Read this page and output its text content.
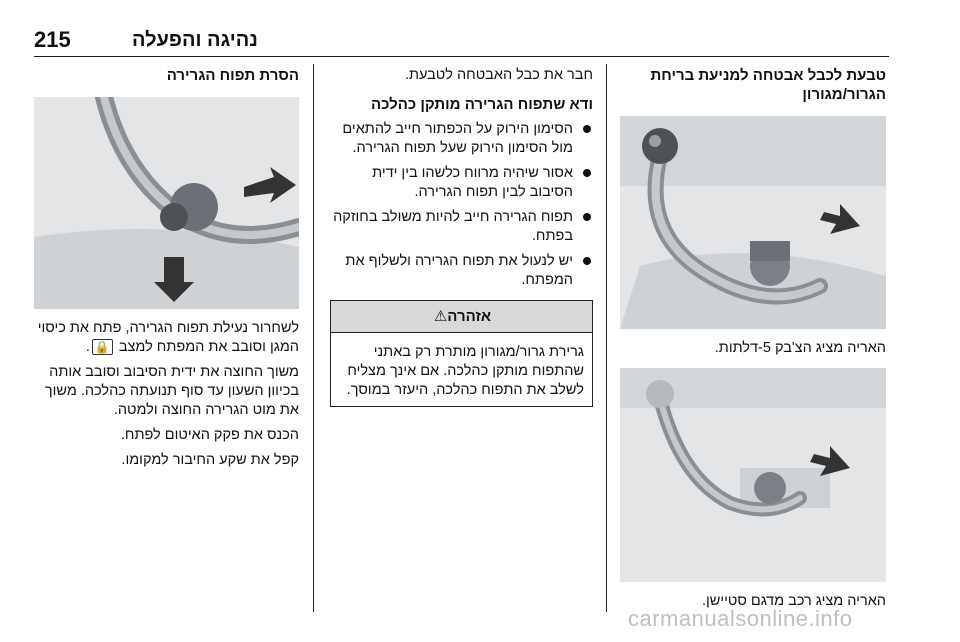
215	נהיגה והפעלה
טבעת לכבל אבטחה למניעת בריחת הגרור/מגורון
האריה מציג הצ'בק 5-דלתות.
האריה מציג רכב מדגם סטיישן.
חבר את כבל האבטחה לטבעת.
ודא שתפוח הגרירה מותקן כהלכה
הסימון הירוק על הכפתור חייב להתאים מול הסימון הירוק שעל תפוח הגרירה.
אסור שיהיה מרווח כלשהו בין ידית הסיבוב לבין תפוח הגרירה.
תפוח הגרירה חייב להיות משולב בחוזקה בפתח.
יש לנעול את תפוח הגרירה ולשלוף את המפתח.
אזהרה⚠
גרירת גרור/מגורון מותרת רק באתני שהתפוח מותקן כהלכה. אם אינך מצליח לשלב את התפוח כהלכה, היעזר במוסך.
הסרת תפוח הגרירה
לשחרור נעילת תפוח הגרירה, פתח את כיסוי המגן וסובב את המפתח למצב 🔒.
משוך החוצה את ידית הסיבוב וסובב אותה בכיוון השעון עד סוף תנועתה כהלכה. משוך את מוט הגרירה החוצה ולמטה.
הכנס את פקק האיטום לפתח.
קפל את שקע החיבור למקומו.
carmanualsonline.info
